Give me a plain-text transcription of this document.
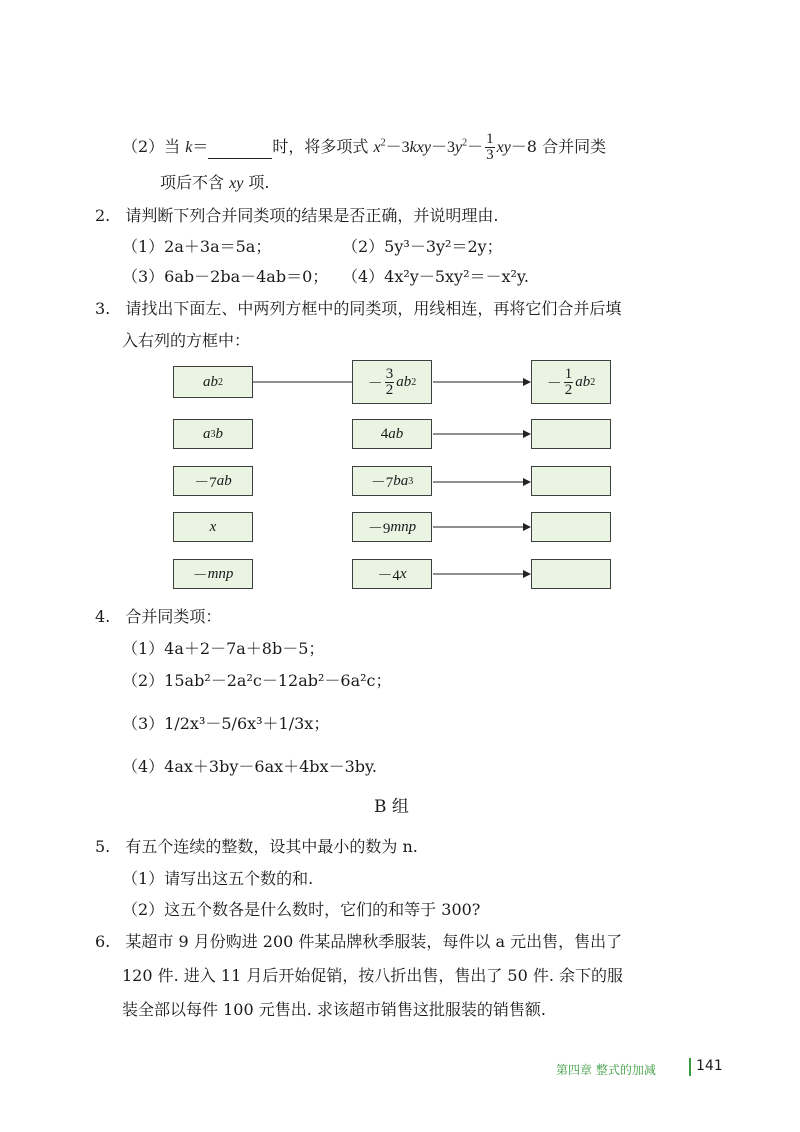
（2）当 k＝	时，将多项式 $x^2-3kxy-3y^2- \frac{1}{3} xy-8$ 合并同类
项后不含 xy 项.
2. 请判断下列合并同类项的结果是否正确，并说明理由.
（1）2a＋3a＝5a；	（2）5y³－3y²＝2y；
（3）6ab－2ba－4ab＝0； （4）4x²y－5xy²＝－x²y.
3. 请找出下面左、中两列方框中的同类项，用线相连，再将它们合并后填
入右列的方框中：
ab 2
a 3 b
－7 ab
x
－ mnp
－ $\frac{3}{2}$ ab 2
4 ab
－7 ba 3
－9 mnp
－4 x
－ $\frac{1}{2}$ ab 2
4. 合并同类项：
（1）4a＋2－7a＋8b－5；
（2）15ab²－2a²c－12ab²－6a²c；
（3）1/2x³－5/6x³＋1/3x；
（4）4ax＋3by－6ax＋4bx－3by.
B 组
5. 有五个连续的整数，设其中最小的数为 n.
（1）请写出这五个数的和.
（2）这五个数各是什么数时，它们的和等于 300?
6. 某超市 9 月份购进 200 件某品牌秋季服装，每件以 a 元出售，售出了
120 件. 进入 11 月后开始促销，按八折出售，售出了 50 件. 余下的服
装全部以每件 100 元售出. 求该超市销售这批服装的销售额.
第四章 整式的加减	141
